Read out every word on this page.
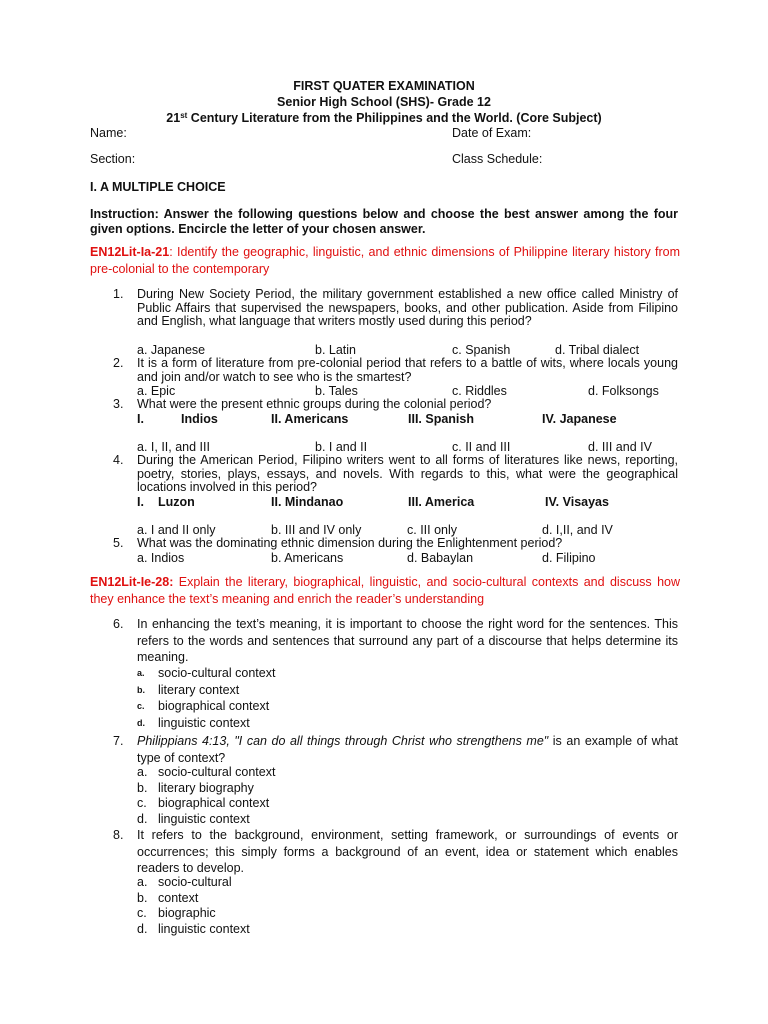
FIRST QUATER EXAMINATION
Senior High School (SHS)- Grade 12
21st Century Literature from the Philippines and the World. (Core Subject)
Name:	Date of Exam:
Section:	Class Schedule:
I. A MULTIPLE CHOICE
Instruction: Answer the following questions below and choose the best answer among the four given options. Encircle the letter of your chosen answer.
EN12Lit-Ia-21: Identify the geographic, linguistic, and ethnic dimensions of Philippine literary history from pre-colonial to the contemporary
1. During New Society Period, the military government established a new office called Ministry of Public Affairs that supervised the newspapers, books, and other publication. Aside from Filipino and English, what language that writers mostly used during this period?
a. Japanese	b. Latin	c. Spanish	d. Tribal dialect
2. It is a form of literature from pre-colonial period that refers to a battle of wits, where locals young and join and/or watch to see who is the smartest?
a. Epic	b. Tales	c. Riddles	d. Folksongs
3. What were the present ethnic groups during the colonial period?
I.	Indios	II. Americans	III. Spanish	IV. Japanese
a. I, II, and III	b. I and II	c. II and III	d. III and IV
4. During the American Period, Filipino writers went to all forms of literatures like news, reporting, poetry, stories, plays, essays, and novels. With regards to this, what were the geographical locations involved in this period?
I. Luzon	II. Mindanao	III. America	IV. Visayas
a. I and II only	b. III and IV only	c. III only	d. I,II, and IV
5. What was the dominating ethnic dimension during the Enlightenment period?
a. Indios	b. Americans	d. Babaylan	d. Filipino
EN12Lit-Ie-28: Explain the literary, biographical, linguistic, and socio-cultural contexts and discuss how they enhance the text’s meaning and enrich the reader’s understanding
6. In enhancing the text’s meaning, it is important to choose the right word for the sentences. This refers to the words and sentences that surround any part of a discourse that helps determine its meaning.
a.	socio-cultural context
b.	literary context
c.	biographical context
d.	linguistic context
7. Philippians 4:13, "I can do all things through Christ who strengthens me" is an example of what type of context?
a. socio-cultural context
b. literary biography
c. biographical context
d. linguistic context
8. It refers to the background, environment, setting framework, or surroundings of events or occurrences; this simply forms a background of an event, idea or statement which enables readers to develop.
a. socio-cultural
b. context
c. biographic
d. linguistic context
